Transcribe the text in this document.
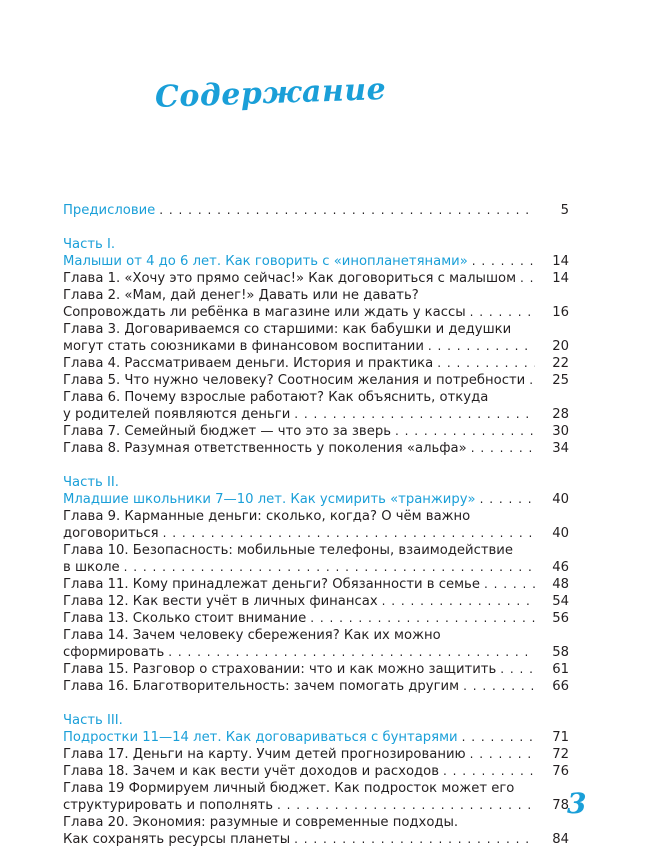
Содержание
Предисловие . . .	5
Часть I.
Малыши от 4 до 6 лет. Как говорить с «инопланетянами» . . .	14
Глава 1. «Хочу это прямо сейчас!» Как договориться с малышом . . .	14
Глава 2. «Мам, дай денег!» Давать или не давать?
Сопровождать ли ребёнка в магазине или ждать у кассы . . .	16
Глава 3. Договариваемся со старшими: как бабушки и дедушки
могут стать союзниками в финансовом воспитании . . .	20
Глава 4. Рассматриваем деньги. История и практика . . .	22
Глава 5. Что нужно человеку? Соотносим желания и потребности . . .	25
Глава 6. Почему взрослые работают? Как объяснить, откуда
у родителей появляются деньги . . .	28
Глава 7. Семейный бюджет — что это за зверь . . .	30
Глава 8. Разумная ответственность у поколения «альфа» . . .	34
Часть II.
Младшие школьники 7—10 лет. Как усмирить «транжиру» . . .	40
Глава 9. Карманные деньги: сколько, когда? О чём важно
договориться . . .	40
Глава 10. Безопасность: мобильные телефоны, взаимодействие
в школе . . .	46
Глава 11. Кому принадлежат деньги? Обязанности в семье . . .	48
Глава 12. Как вести учёт в личных финансах . . .	54
Глава 13. Сколько стоит внимание . . .	56
Глава 14. Зачем человеку сбережения? Как их можно
сформировать . . .	58
Глава 15. Разговор о страховании: что и как можно защитить . . .	61
Глава 16. Благотворительность: зачем помогать другим . . .	66
Часть III.
Подростки 11—14 лет. Как договариваться с бунтарями . . .	71
Глава 17. Деньги на карту. Учим детей прогнозированию . . .	72
Глава 18. Зачем и как вести учёт доходов и расходов . . .	76
Глава 19 Формируем личный бюджет. Как подросток может его
структурировать и пополнять . . .	78
Глава 20. Экономия: разумные и современные подходы.
Как сохранять ресурсы планеты . . .	84
3
